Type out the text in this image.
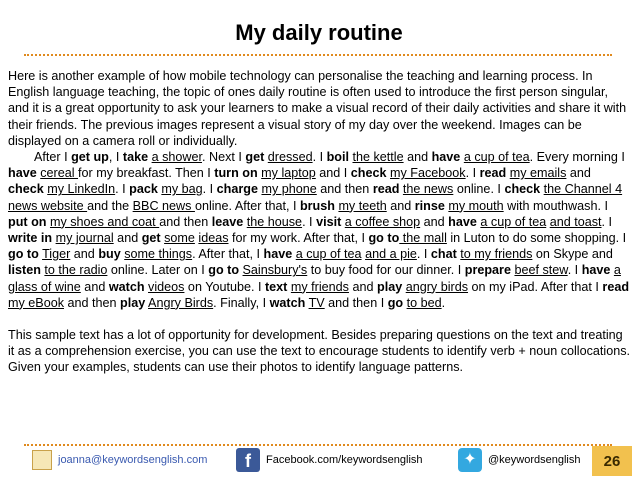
My daily routine

Here is another example of how mobile technology can personalise the teaching and learning process. In English language teaching, the topic of ones daily routine is often used to introduce the first person singular, and it is a great opportunity to ask your learners to make a visual record of their daily activities and share it with their friends. The previous images represent a visual story of my day over the weekend. Images can be displayed on a camera roll or individually.

After I get up, I take a shower. Next I get dressed. I boil the kettle and have a cup of tea. Every morning I have cereal for my breakfast. Then I turn on my laptop and I check my Facebook. I read my emails and check my LinkedIn. I pack my bag. I charge my phone and then read the news online. I check the Channel 4 news website and the BBC news online. After that, I brush my teeth and rinse my mouth with mouthwash. I put on my shoes and coat and then leave the house. I visit a coffee shop and have a cup of tea and toast. I write in my journal and get some ideas for my work. After that, I go to the mall in Luton to do some shopping. I go to Tiger and buy some things. After that, I have a cup of tea and a pie. I chat to my friends on Skype and listen to the radio online. Later on I go to Sainsbury's to buy food for our dinner. I prepare beef stew. I have a glass of wine and watch videos on Youtube. I text my friends and play angry birds on my iPad. After that I read my eBook and then play Angry Birds. Finally, I watch TV and then I go to bed.

This sample text has a lot of opportunity for development. Besides preparing questions on the text and treating it as a comprehension exercise, you can use the text to encourage students to identify verb + noun collocations. Given your examples, students can use their photos to identify language patterns.

joanna@keywordsenglish.com	f	Facebook.com/keywordsenglish	✦	@keywordsenglish	26
